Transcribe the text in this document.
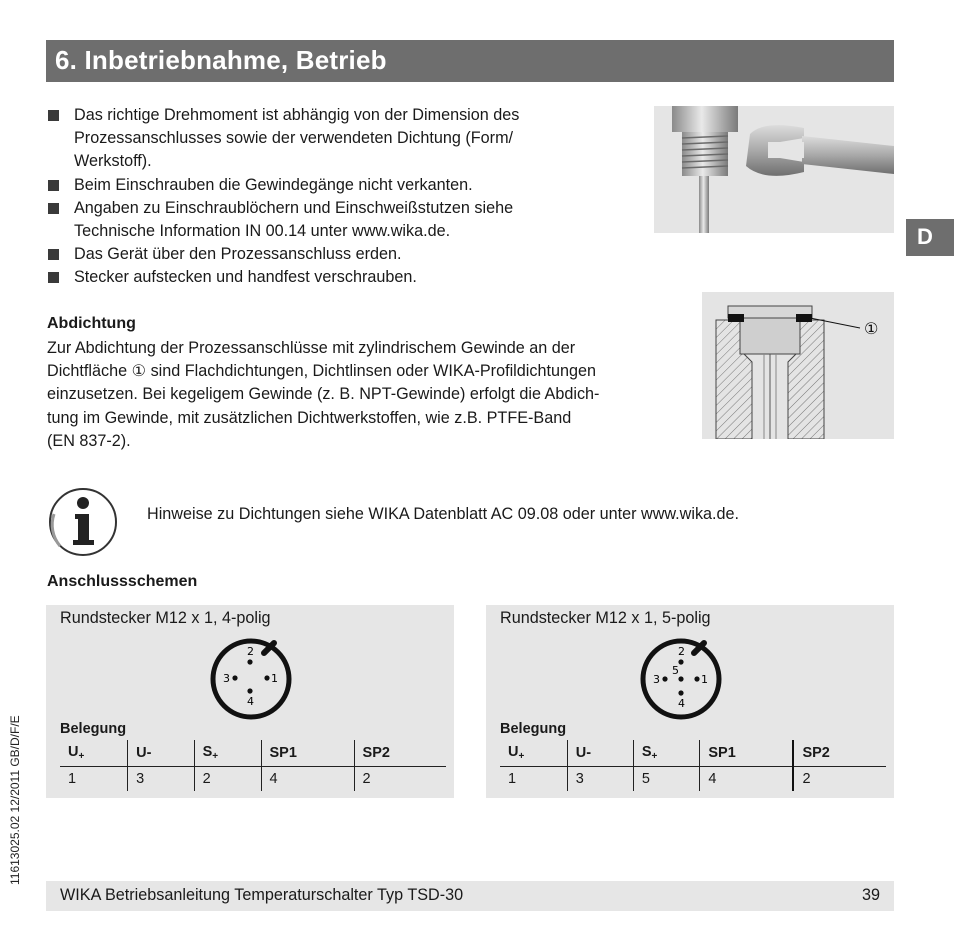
6. Inbetriebnahme, Betrieb
Das richtige Drehmoment ist abhängig von der Dimension des
Prozessanschlusses sowie der verwendeten Dichtung (Form/
Werkstoff).
Beim Einschrauben die Gewindegänge nicht verkanten.
Angaben zu Einschraublöchern und Einschweißstutzen siehe
Technische Information IN 00.14 unter www.wika.de.
Das Gerät über den Prozessanschluss erden.
Stecker aufstecken und handfest verschrauben.
D
①
Abdichtung
Zur Abdichtung der Prozessanschlüsse mit zylindrischem Gewinde an der
Dichtfläche ① sind Flachdichtungen, Dichtlinsen oder WIKA-Profildichtungen
einzusetzen. Bei kegeligem Gewinde (z. B. NPT-Gewinde) erfolgt die Abdich-
tung im Gewinde, mit zusätzlichen Dichtwerkstoffen, wie z.B. PTFE-Band
(EN 837-2).
Hinweise zu Dichtungen siehe WIKA Datenblatt AC 09.08 oder unter www.wika.de.
Anschlussschemen
Rundstecker M12 x 1, 4-polig
2
3	1
4
Belegung
$U_+$	U-	$S_+$	SP1	SP2
1	3	2	4	2
Rundstecker M12 x 1, 5-polig
2
3
5
1
4
Belegung
$U_+$	U-	$S_+$	SP1	SP2
1	3	5	4	2
11613025.02 12/2011 GB/D/F/E
WIKA Betriebsanleitung Temperaturschalter Typ TSD-30	39
